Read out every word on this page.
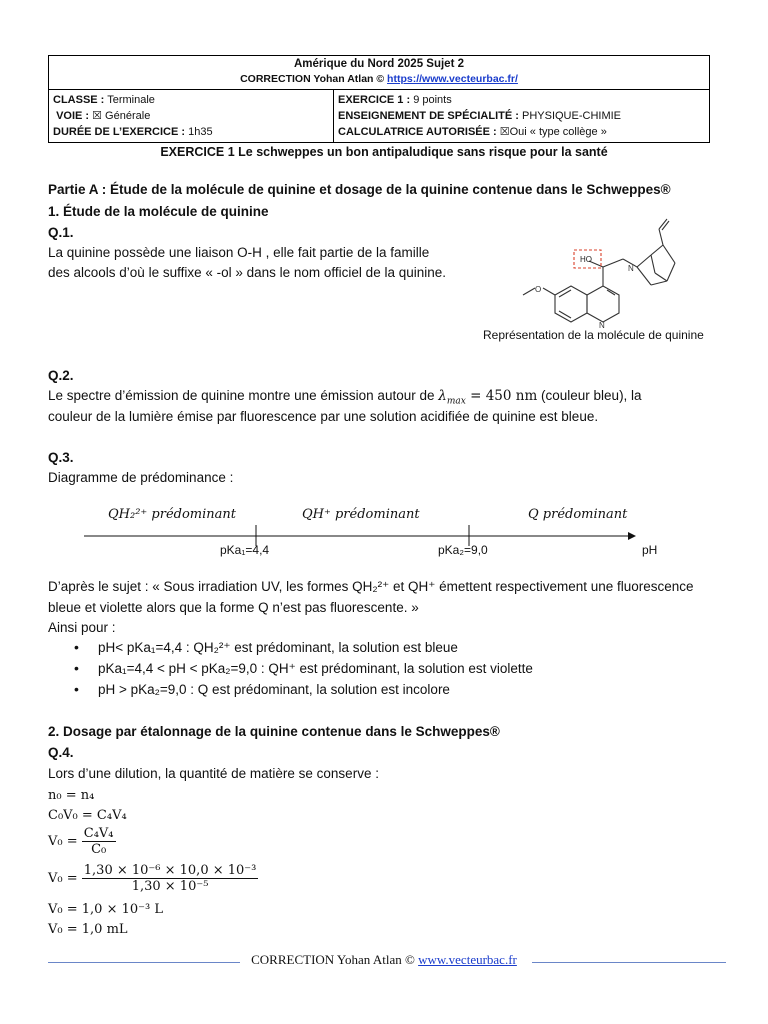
Amérique du Nord 2025 Sujet 2
CORRECTION Yohan Atlan © https://www.vecteurbac.fr/
CLASSE : Terminale
VOIE : ☒ Générale
DURÉE DE L’EXERCICE : 1h35
EXERCICE 1 : 9 points
ENSEIGNEMENT DE SPÉCIALITÉ : PHYSIQUE-CHIMIE
CALCULATRICE AUTORISÉE : ☒Oui « type collège »
EXERCICE 1 Le schweppes un bon antipaludique sans risque pour la santé
Partie A : Étude de la molécule de quinine et dosage de la quinine contenue dans le Schweppes®
1. Étude de la molécule de quinine
Q.1.
La quinine possède une liaison O-H , elle fait partie de la famille
des alcools d’où le suffixe « -ol » dans le nom officiel de la quinine.
O
N
N
HO
Représentation de la molécule de quinine
Q.2.
Le spectre d’émission de quinine montre une émission autour de $\lambda_{max} = 450$ nm (couleur bleu), la
couleur de la lumière émise par fluorescence par une solution acidifiée de quinine est bleue.
Q.3.
Diagramme de prédominance :
QH₂²⁺ prédominant	QH⁺ prédominant	Q prédominant
pKa₁=4,4	pKa₂=9,0	pH
D’après le sujet : « Sous irradiation UV, les formes QH₂²⁺ et QH⁺ émettent respectivement une fluorescence
bleue et violette alors que la forme Q n’est pas fluorescente. »
Ainsi pour :
• pH< pKa₁=4,4 : QH₂²⁺ est prédominant, la solution est bleue
• pKa₁=4,4 < pH < pKa₂=9,0 : QH⁺ est prédominant, la solution est violette
• pH > pKa₂=9,0 : Q est prédominant, la solution est incolore
2. Dosage par étalonnage de la quinine contenue dans le Schweppes®
Q.4.
Lors d’une dilution, la quantité de matière se conserve :
n₀ = n₄
C₀V₀ = C₄V₄
$V_0 = \frac{\text{C₄V₄}}{\text{C₀}}$
$V_0 = \frac{\text{1,30 × 10⁻⁶ × 10,0 × 10⁻³}}{\text{1,30 × 10⁻⁵}}$
V₀ = 1,0 × 10⁻³ L
V₀ = 1,0 mL
CORRECTION Yohan Atlan © www.vecteurbac.fr
